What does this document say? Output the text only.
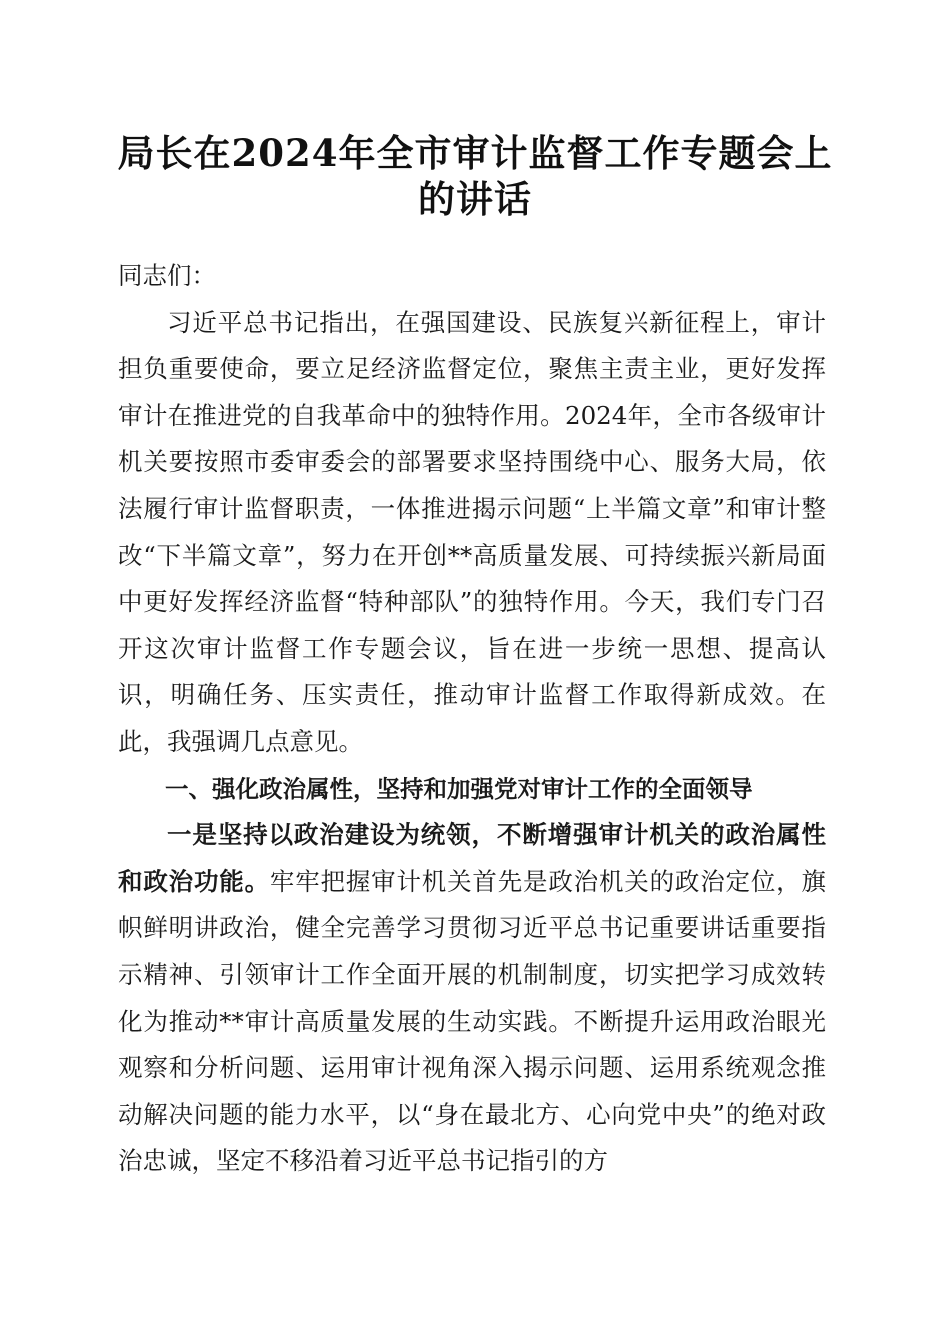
局长在2024年全市审计监督工作专题会上的讲话

同志们：

习近平总书记指出，在强国建设、民族复兴新征程上，审计担负重要使命，要立足经济监督定位，聚焦主责主业，更好发挥审计在推进党的自我革命中的独特作用。2024年，全市各级审计机关要按照市委审委会的部署要求坚持围绕中心、服务大局，依法履行审计监督职责，一体推进揭示问题“上半篇文章”和审计整改“下半篇文章”，努力在开创**高质量发展、可持续振兴新局面中更好发挥经济监督“特种部队”的独特作用。今天，我们专门召开这次审计监督工作专题会议，旨在进一步统一思想、提高认识，明确任务、压实责任，推动审计监督工作取得新成效。在此，我强调几点意见。

一、强化政治属性，坚持和加强党对审计工作的全面领导

一是坚持以政治建设为统领，不断增强审计机关的政治属性和政治功能。牢牢把握审计机关首先是政治机关的政治定位，旗帜鲜明讲政治，健全完善学习贯彻习近平总书记重要讲话重要指示精神、引领审计工作全面开展的机制制度，切实把学习成效转化为推动**审计高质量发展的生动实践。不断提升运用政治眼光观察和分析问题、运用审计视角深入揭示问题、运用系统观念推动解决问题的能力水平，以“身在最北方、心向党中央”的绝对政治忠诚，坚定不移沿着习近平总书记指引的方
